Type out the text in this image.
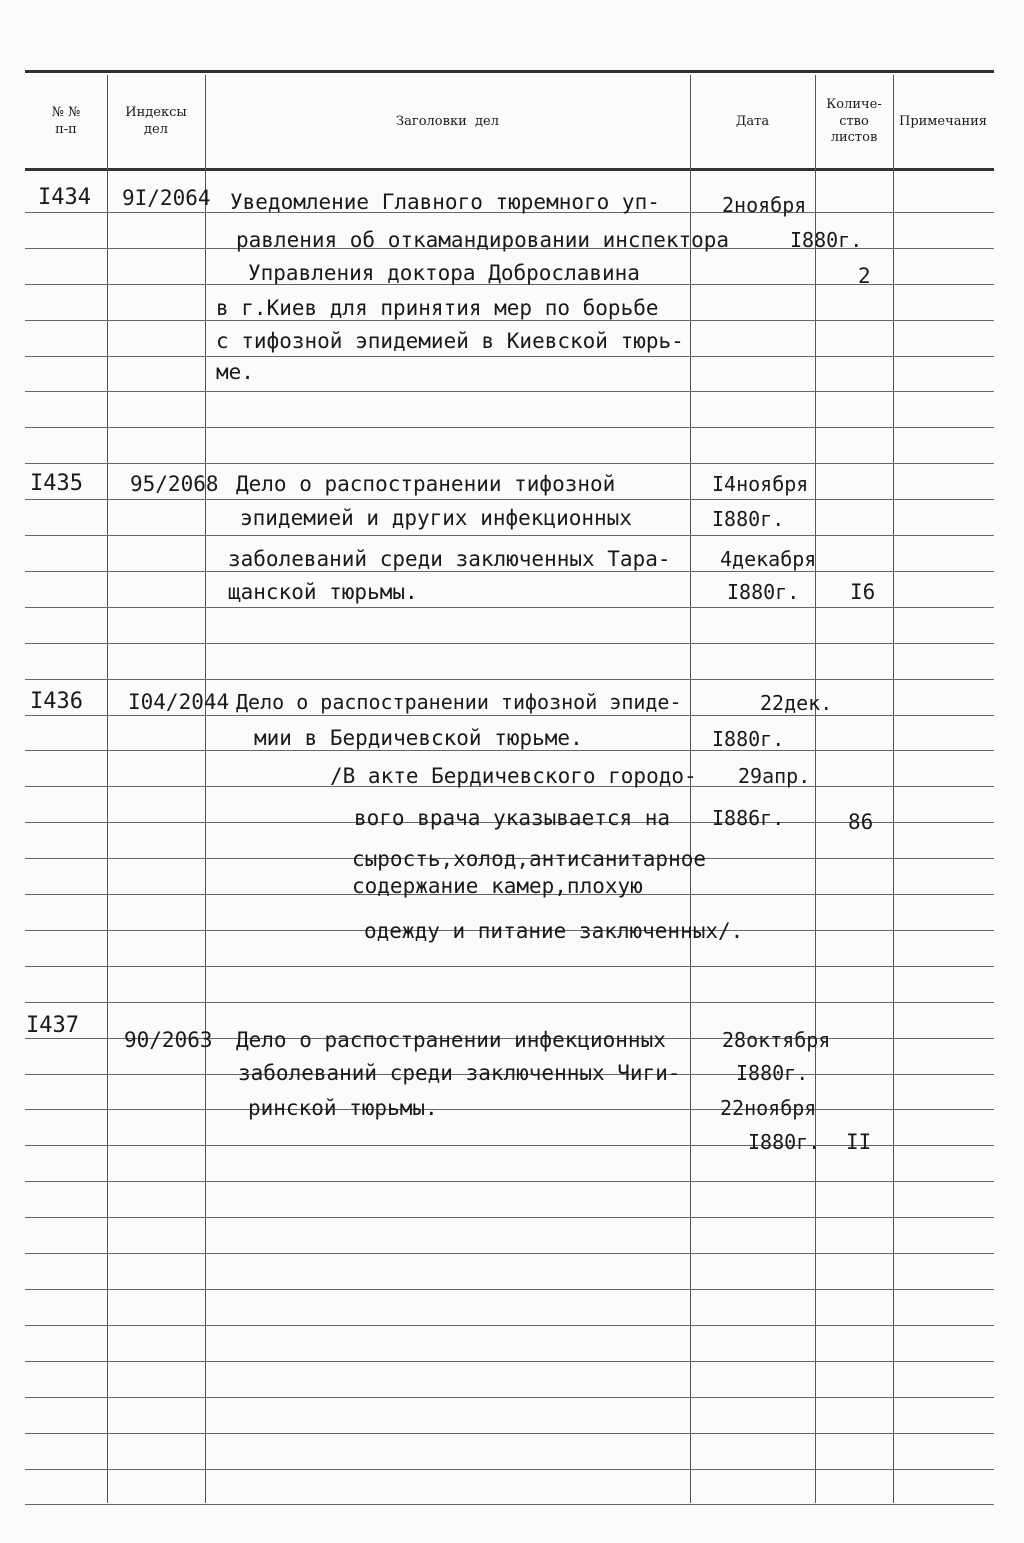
№ №
п-п
Индексы
дел
Заголовки  дел	Дата
Количе-
ство
листов
Примечания
I434 9I/2064 Уведомление Главного тюремного уп-
равления об откамандировании инспектора
Управления доктора Доброславина
в г.Киев для принятия мер по борьбе
с тифозной эпидемией в Киевской тюрь-
ме.
2ноября
I880г.
2
I435 95/2068 Дело о распостранении тифозной
эпидемией и других инфекционных
заболеваний среди заключенных Тара-
щанской тюрьмы.
I4ноября
I880г.
4декабря
I880г. I6
I436 I04/2044 Дело о распостранении тифозной эпиде-
мии в Бердичевской тюрьме.
/В акте Бердичевского городо-
вого врача указывается на
сырость,холод,антисанитарное
содержание камер,плохую
одежду и питание заключенных/.
22дек.
I880г.
29апр.
I886г.	86
I437
90/2063 Дело о распостранении инфекционных
заболеваний среди заключенных Чиги-
ринской тюрьмы.
28октября
I880г.
22ноября
I880г. II
